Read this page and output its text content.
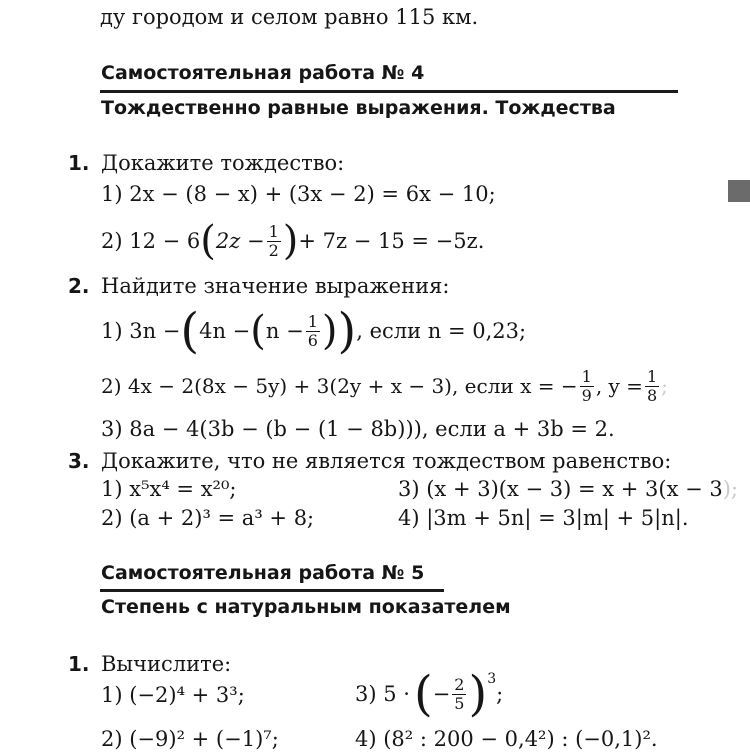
ду городом и селом равно 115 км.
Самостоятельная работа № 4
Тождественно равные выражения. Тождества
1. Докажите тождество:
1) 2x − (8 − x) + (3x − 2) = 6x − 10;
2) 12 − 6 ( $2z - \frac{1}{2}$ ) + 7z − 15 = −5z.
2. Найдите значение выражения:
1) 3n − ( 4n − ( $n - \frac{1}{6}$ ) ) , если n = 0,23;
2) 4x − 2(8x − 5y) + 3(2y + x − 3), если x = − $\frac{1}{9}$ , $y = \frac{1}{8}$ ;
3) 8a − 4(3b − (b − (1 − 8b))), если a + 3b = 2.
3. Докажите, что не является тождеством равенство:
1) x⁵x⁴ = x²⁰;	3) (x + 3)(x − 3) = x + 3(x − 3);
2) (a + 2)³ = a³ + 8;	4) |3m + 5n| = 3|m| + 5|n|.
Самостоятельная работа № 5
Степень с натуральным показателем
1. Вычислите:
1) (−2)⁴ + 3³;	3) 5 · ( − $\frac{2}{5}$ ) 3
;
2) (−9)² + (−1)⁷;	4) (8² : 200 − 0,4²) : (−0,1)².
